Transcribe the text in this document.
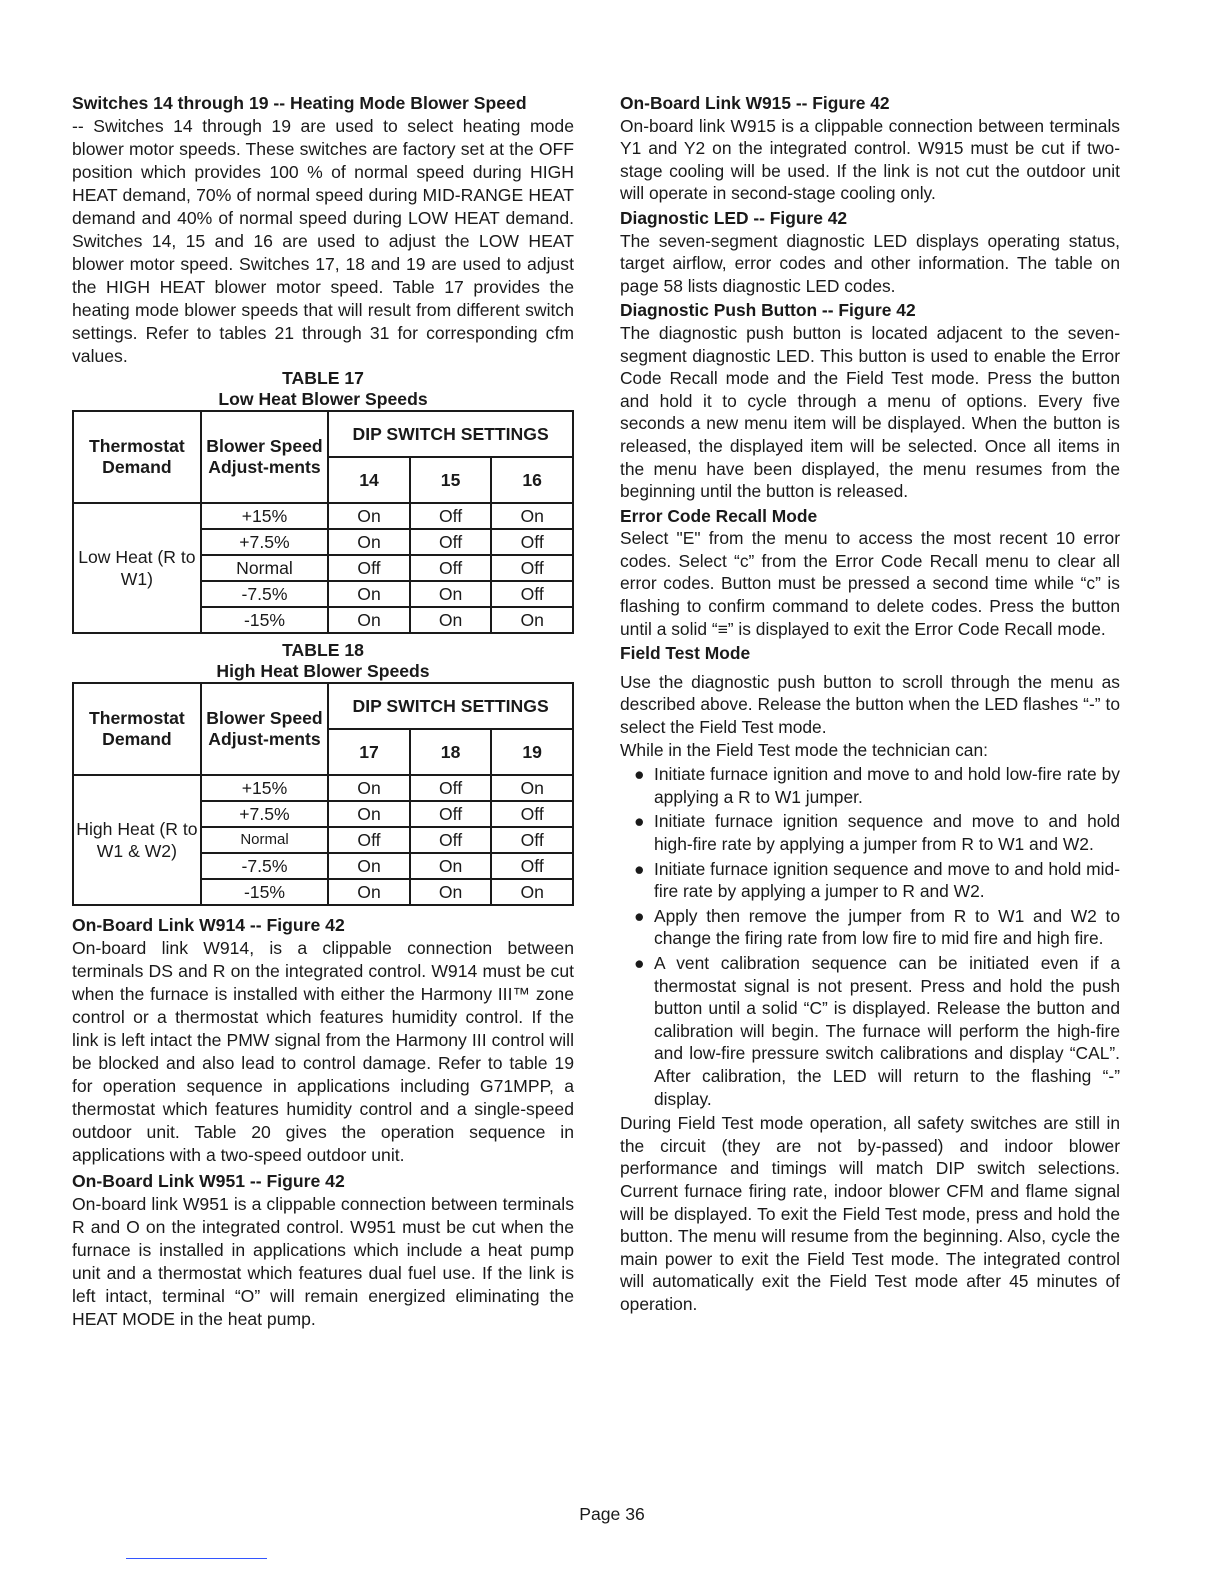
Switches 14 through 19 -- Heating Mode Blower Speed

-- Switches 14 through 19 are used to select heating mode blower motor speeds. These switches are factory set at the OFF position which provides 100 % of normal speed during HIGH HEAT demand, 70% of normal speed during MID-RANGE HEAT demand and 40% of normal speed during LOW HEAT demand. Switches 14, 15 and 16 are used to adjust the LOW HEAT blower motor speed. Switches 17, 18 and 19 are used to adjust the HIGH HEAT blower motor speed. Table 17 provides the heating mode blower speeds that will result from different switch settings. Refer to tables 21 through 31 for corresponding cfm values.

TABLE 17
Low Heat Blower Speeds
Thermostat Demand	Blower Speed Adjust-ments	DIP SWITCH SETTINGS		
		14	15	16
Low Heat (R to W1)	+15%	On	Off	On
	+7.5%	On	Off	Off
	Normal	Off	Off	Off
	-7.5%	On	On	Off
	-15%	On	On	On
TABLE 18
High Heat Blower Speeds
Thermostat Demand	Blower Speed Adjust-ments	DIP SWITCH SETTINGS		
		17	18	19
High Heat (R to W1 & W2)	+15%	On	Off	On
	+7.5%	On	Off	Off
	Normal	Off	Off	Off
	-7.5%	On	On	Off
	-15%	On	On	On

On-Board Link W914 -- Figure 42

On-board link W914, is a clippable connection between terminals DS and R on the integrated control. W914 must be cut when the furnace is installed with either the Harmony III™ zone control or a thermostat which features humidity control. If the link is left intact the PMW signal from the Harmony III control will be blocked and also lead to control damage. Refer to table 19 for operation sequence in applications including G71MPP, a thermostat which features humidity control and a single-speed outdoor unit. Table 20 gives the operation sequence in applications with a two-speed outdoor unit.

On-Board Link W951 -- Figure 42

On-board link W951 is a clippable connection between terminals R and O on the integrated control. W951 must be cut when the furnace is installed in applications which include a heat pump unit and a thermostat which features dual fuel use. If the link is left intact, terminal “O” will remain energized eliminating the HEAT MODE in the heat pump.

On-Board Link W915 -- Figure 42

On-board link W915 is a clippable connection between terminals Y1 and Y2 on the integrated control. W915 must be cut if two-stage cooling will be used. If the link is not cut the outdoor unit will operate in second-stage cooling only.

Diagnostic LED -- Figure 42

The seven-segment diagnostic LED displays operating status, target airflow, error codes and other information. The table on page 58 lists diagnostic LED codes.

Diagnostic Push Button -- Figure 42

The diagnostic push button is located adjacent to the seven-segment diagnostic LED. This button is used to enable the Error Code Recall mode and the Field Test mode. Press the button and hold it to cycle through a menu of options. Every five seconds a new menu item will be displayed. When the button is released, the displayed item will be selected. Once all items in the menu have been displayed, the menu resumes from the beginning until the button is released.

Error Code Recall Mode

Select "E" from the menu to access the most recent 10 error codes. Select “c” from the Error Code Recall menu to clear all error codes. Button must be pressed a second time while “c” is flashing to confirm command to delete codes. Press the button until a solid “≡” is displayed to exit the Error Code Recall mode.

Field Test Mode

Use the diagnostic push button to scroll through the menu as described above. Release the button when the LED flashes “-” to select the Field Test mode.

While in the Field Test mode the technician can:

● Initiate furnace ignition and move to and hold low-fire rate by applying a R to W1 jumper.
● Initiate furnace ignition sequence and move to and hold high-fire rate by applying a jumper from R to W1 and W2.
● Initiate furnace ignition sequence and move to and hold mid-fire rate by applying a jumper to R and W2.
● Apply then remove the jumper from R to W1 and W2 to change the firing rate from low fire to mid fire and high fire.
● A vent calibration sequence can be initiated even if a thermostat signal is not present. Press and hold the push button until a solid “C” is displayed. Release the button and calibration will begin. The furnace will perform the high-fire and low-fire pressure switch calibrations and display “CAL”. After calibration, the LED will return to the flashing “-” display.

During Field Test mode operation, all safety switches are still in the circuit (they are not by-passed) and indoor blower performance and timings will match DIP switch selections. Current furnace firing rate, indoor blower CFM and flame signal will be displayed. To exit the Field Test mode, press and hold the button. The menu will resume from the beginning. Also, cycle the main power to exit the Field Test mode. The integrated control will automatically exit the Field Test mode after 45 minutes of operation.

Page 36
